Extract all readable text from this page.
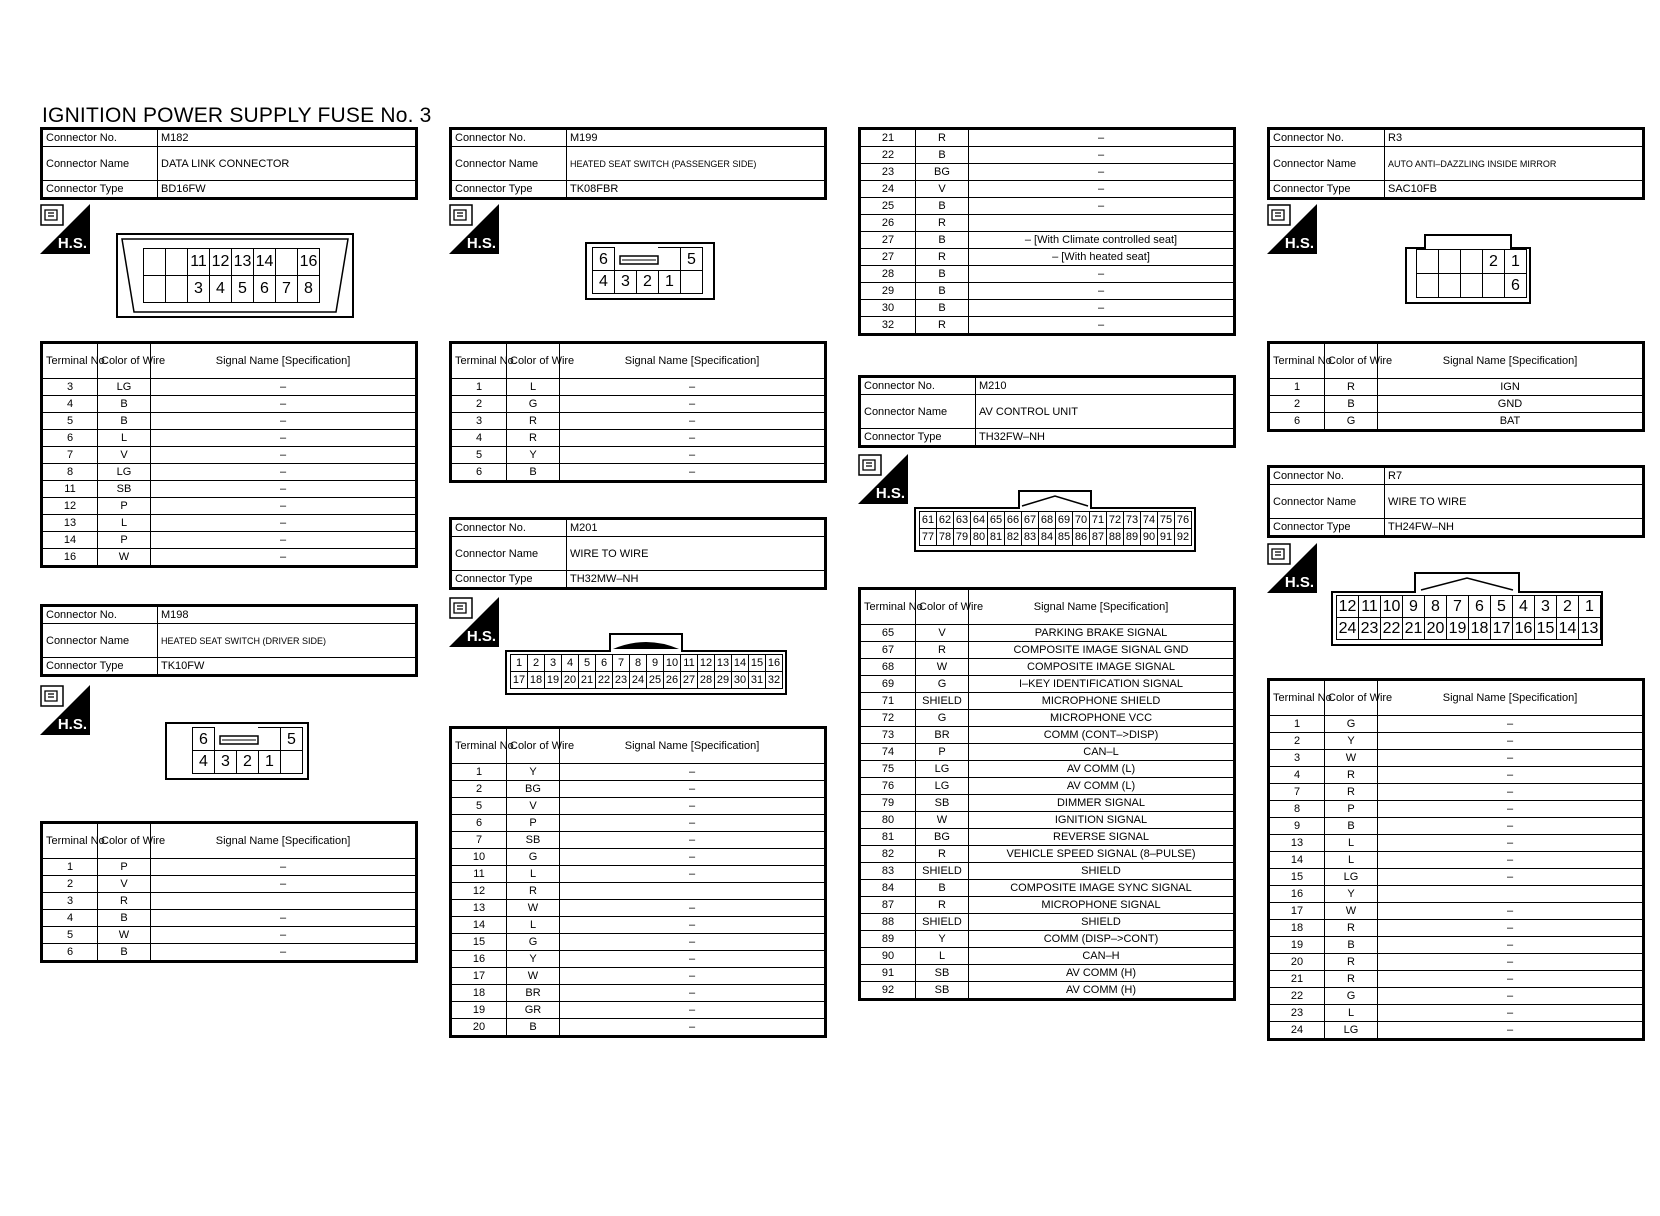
IGNITION POWER SUPPLY FUSE No. 3
Connector No.	M182
Connector Name	DATA LINK CONNECTOR
Connector Type	BD16FW
H.S.
11 12 13 14 16
3 4 5 6 7 8
Terminal No.	Color of Wire	Signal Name [Specification]
3	LG	–
4	B	–
5	B	–
6	L	–
7	V	–
8	LG	–
11	SB	–
12	P	–
13	L	–
14	P	–
16	W	–
Connector No.	M198
Connector Name	HEATED SEAT SWITCH (DRIVER SIDE)
Connector Type	TK10FW
H.S.
6	5
4 3 2 1
Terminal No.	Color of Wire	Signal Name [Specification]
1	P	–
2	V	–
3	R	
4	B	–
5	W	–
6	B	–
Connector No.	M199
Connector Name	HEATED SEAT SWITCH (PASSENGER SIDE)
Connector Type	TK08FBR
H.S.
6	5
4 3 2 1
Terminal No.	Color of Wire	Signal Name [Specification]
1	L	–
2	G	–
3	R	–
4	R	–
5	Y	–
6	B	–
Connector No.	M201
Connector Name	WIRE TO WIRE
Connector Type	TH32MW–NH
H.S.
1 2 3 4 5 6 7 8 9 10 11 12 13 14 15 16
17 18 19 20 21 22 23 24 25 26 27 28 29 30 31 32
Terminal No.	Color of Wire	Signal Name [Specification]
1	Y	–
2	BG	–
5	V	–
6	P	–
7	SB	–
10	G	–
11	L	–
12	R	
13	W	–
14	L	–
15	G	–
16	Y	–
17	W	–
18	BR	–
19	GR	–
20	B	–
21	R	–
22	B	–
23	BG	–
24	V	–
25	B	–
26	R	
27	B	– [With Climate controlled seat]
27	R	– [With heated seat]
28	B	–
29	B	–
30	B	–
32	R	–
Connector No.	M210
Connector Name	AV CONTROL UNIT
Connector Type	TH32FW–NH
H.S.
61 62 63 64 65 66 67 68 69 70 71 72 73 74 75 76
77 78 79 80 81 82 83 84 85 86 87 88 89 90 91 92
Terminal No.	Color of Wire	Signal Name [Specification]
65	V	PARKING BRAKE SIGNAL
67	R	COMPOSITE IMAGE SIGNAL GND
68	W	COMPOSITE IMAGE SIGNAL
69	G	I–KEY IDENTIFICATION SIGNAL
71	SHIELD	MICROPHONE SHIELD
72	G	MICROPHONE VCC
73	BR	COMM (CONT–>DISP)
74	P	CAN–L
75	LG	AV COMM (L)
76	LG	AV COMM (L)
79	SB	DIMMER SIGNAL
80	W	IGNITION SIGNAL
81	BG	REVERSE SIGNAL
82	R	VEHICLE SPEED SIGNAL (8–PULSE)
83	SHIELD	SHIELD
84	B	COMPOSITE IMAGE SYNC SIGNAL
87	R	MICROPHONE SIGNAL
88	SHIELD	SHIELD
89	Y	COMM (DISP–>CONT)
90	L	CAN–H
91	SB	AV COMM (H)
92	SB	AV COMM (H)
Connector No.	R3
Connector Name	AUTO ANTI–DAZZLING INSIDE MIRROR
Connector Type	SAC10FB
H.S.
2 1
6
Terminal No.	Color of Wire	Signal Name [Specification]
1	R	IGN
2	B	GND
6	G	BAT
Connector No.	R7
Connector Name	WIRE TO WIRE
Connector Type	TH24FW–NH
H.S.
12 11 10 9 8 7 6 5 4 3 2 1
24 23 22 21 20 19 18 17 16 15 14 13
Terminal No.	Color of Wire	Signal Name [Specification]
1	G	–
2	Y	–
3	W	–
4	R	–
7	R	–
8	P	–
9	B	–
13	L	–
14	L	–
15	LG	–
16	Y	
17	W	–
18	R	–
19	B	–
20	R	–
21	R	–
22	G	–
23	L	–
24	LG	–
